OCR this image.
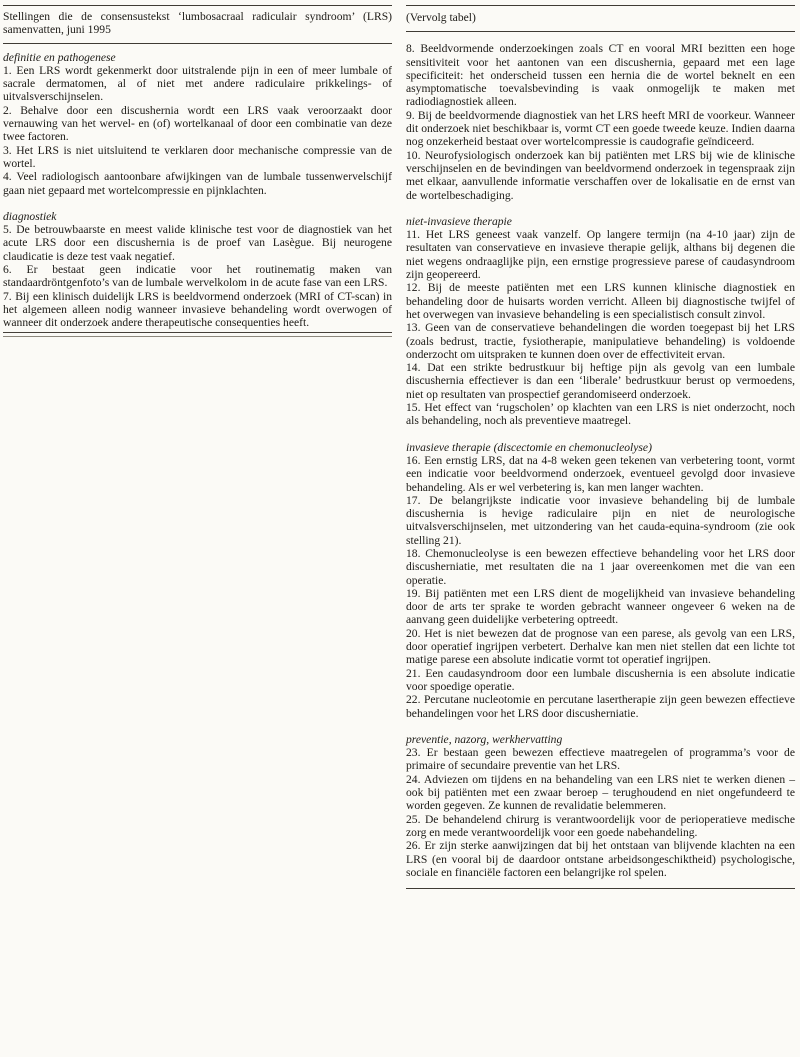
Stellingen die de consensustekst ‘lumbosacraal radiculair syndroom’ (LRS) samenvatten, juni 1995

definitie en pathogenese

1. Een LRS wordt gekenmerkt door uitstralende pijn in een of meer lumbale of sacrale dermatomen, al of niet met andere radiculaire prikkelings- of uitvalsverschijnselen.

2. Behalve door een discushernia wordt een LRS vaak veroorzaakt door vernauwing van het wervel- en (of) wortelkanaal of door een combinatie van deze twee factoren.

3. Het LRS is niet uitsluitend te verklaren door mechanische compressie van de wortel.

4. Veel radiologisch aantoonbare afwijkingen van de lumbale tussenwervelschijf gaan niet gepaard met wortelcompressie en pijnklachten.

diagnostiek

5. De betrouwbaarste en meest valide klinische test voor de diagnostiek van het acute LRS door een discushernia is de proef van Lasègue. Bij neurogene claudicatie is deze test vaak negatief.

6. Er bestaat geen indicatie voor het routinematig maken van standaardröntgenfoto’s van de lumbale wervelkolom in de acute fase van een LRS.

7. Bij een klinisch duidelijk LRS is beeldvormend onderzoek (MRI of CT-scan) in het algemeen alleen nodig wanneer invasieve behandeling wordt overwogen of wanneer dit onderzoek andere therapeutische consequenties heeft.

(Vervolg tabel)

8. Beeldvormende onderzoekingen zoals CT en vooral MRI bezitten een hoge sensitiviteit voor het aantonen van een discushernia, gepaard met een lage specificiteit: het onderscheid tussen een hernia die de wortel beknelt en een asymptomatische toevalsbevinding is vaak onmogelijk te maken met radiodiagnostiek alleen.

9. Bij de beeldvormende diagnostiek van het LRS heeft MRI de voorkeur. Wanneer dit onderzoek niet beschikbaar is, vormt CT een goede tweede keuze. Indien daarna nog onzekerheid bestaat over wortelcompressie is caudografie geïndiceerd.

10. Neurofysiologisch onderzoek kan bij patiënten met LRS bij wie de klinische verschijnselen en de bevindingen van beeldvormend onderzoek in tegenspraak zijn met elkaar, aanvullende informatie verschaffen over de lokalisatie en de ernst van de wortelbeschadiging.

niet-invasieve therapie

11. Het LRS geneest vaak vanzelf. Op langere termijn (na 4-10 jaar) zijn de resultaten van conservatieve en invasieve therapie gelijk, althans bij degenen die niet wegens ondraaglijke pijn, een ernstige progressieve parese of caudasyndroom zijn geopereerd.

12. Bij de meeste patiënten met een LRS kunnen klinische diagnostiek en behandeling door de huisarts worden verricht. Alleen bij diagnostische twijfel of het overwegen van invasieve behandeling is een specialistisch consult zinvol.

13. Geen van de conservatieve behandelingen die worden toegepast bij het LRS (zoals bedrust, tractie, fysiotherapie, manipulatieve behandeling) is voldoende onderzocht om uitspraken te kunnen doen over de effectiviteit ervan.

14. Dat een strikte bedrustkuur bij heftige pijn als gevolg van een lumbale discushernia effectiever is dan een ‘liberale’ bedrustkuur berust op vermoedens, niet op resultaten van prospectief gerandomiseerd onderzoek.

15. Het effect van ‘rugscholen’ op klachten van een LRS is niet onderzocht, noch als behandeling, noch als preventieve maatregel.

invasieve therapie (discectomie en chemonucleolyse)

16. Een ernstig LRS, dat na 4-8 weken geen tekenen van verbetering toont, vormt een indicatie voor beeldvormend onderzoek, eventueel gevolgd door invasieve behandeling. Als er wel verbetering is, kan men langer wachten.

17. De belangrijkste indicatie voor invasieve behandeling bij de lumbale discushernia is hevige radiculaire pijn en niet de neurologische uitvalsverschijnselen, met uitzondering van het cauda-equina-syndroom (zie ook stelling 21).

18. Chemonucleolyse is een bewezen effectieve behandeling voor het LRS door discusherniatie, met resultaten die na 1 jaar overeenkomen met die van een operatie.

19. Bij patiënten met een LRS dient de mogelijkheid van invasieve behandeling door de arts ter sprake te worden gebracht wanneer ongeveer 6 weken na de aanvang geen duidelijke verbetering optreedt.

20. Het is niet bewezen dat de prognose van een parese, als gevolg van een LRS, door operatief ingrijpen verbetert. Derhalve kan men niet stellen dat een lichte tot matige parese een absolute indicatie vormt tot operatief ingrijpen.

21. Een caudasyndroom door een lumbale discushernia is een absolute indicatie voor spoedige operatie.

22. Percutane nucleotomie en percutane lasertherapie zijn geen bewezen effectieve behandelingen voor het LRS door discusherniatie.

preventie, nazorg, werkhervatting

23. Er bestaan geen bewezen effectieve maatregelen of programma’s voor de primaire of secundaire preventie van het LRS.

24. Adviezen om tijdens en na behandeling van een LRS niet te werken dienen – ook bij patiënten met een zwaar beroep – terughoudend en niet ongefundeerd te worden gegeven. Ze kunnen de revalidatie belemmeren.

25. De behandelend chirurg is verantwoordelijk voor de perioperatieve medische zorg en mede verantwoordelijk voor een goede nabehandeling.

26. Er zijn sterke aanwijzingen dat bij het ontstaan van blijvende klachten na een LRS (en vooral bij de daardoor ontstane arbeidsongeschiktheid) psychologische, sociale en financiële factoren een belangrijke rol spelen.
